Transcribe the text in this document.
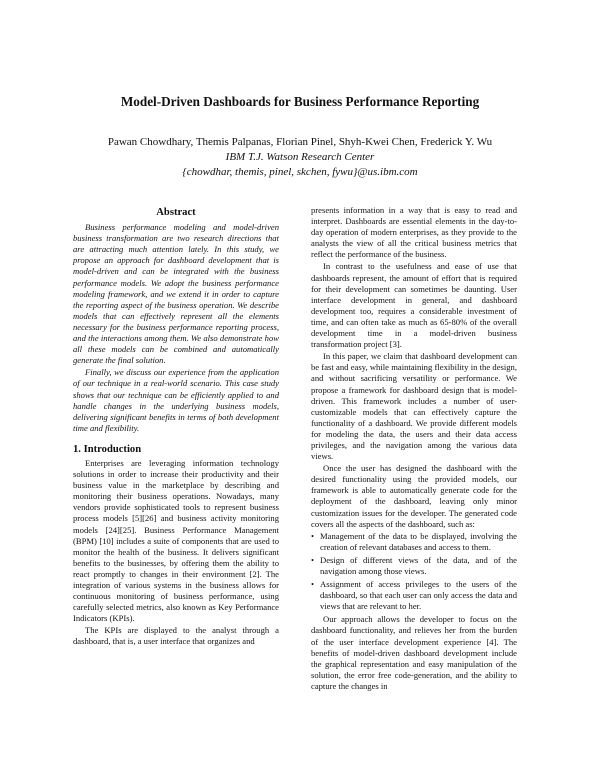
Model-Driven Dashboards for Business Performance Reporting
Pawan Chowdhary, Themis Palpanas, Florian Pinel, Shyh-Kwei Chen, Frederick Y. Wu
IBM T.J. Watson Research Center
{chowdhar, themis, pinel, skchen, fywu}@us.ibm.com
Abstract

Business performance modeling and model-driven business transformation are two research directions that are attracting much attention lately. In this study, we propose an approach for dashboard development that is model-driven and can be integrated with the business performance models. We adopt the business performance modeling framework, and we extend it in order to capture the reporting aspect of the business operation. We describe models that can effectively represent all the elements necessary for the business performance reporting process, and the interactions among them. We also demonstrate how all these models can be combined and automatically generate the final solution.

Finally, we discuss our experience from the application of our technique in a real-world scenario. This case study shows that our technique can be efficiently applied to and handle changes in the underlying business models, delivering significant benefits in terms of both development time and flexibility.

1. Introduction

Enterprises are leveraging information technology solutions in order to increase their productivity and their business value in the marketplace by describing and monitoring their business operations. Nowadays, many vendors provide sophisticated tools to represent business process models [5][26] and business activity monitoring models [24][25]. Business Performance Management (BPM) [10] includes a suite of components that are used to monitor the health of the business. It delivers significant benefits to the businesses, by offering them the ability to react promptly to changes in their environment [2]. The integration of various systems in the business allows for continuous monitoring of business performance, using carefully selected metrics, also known as Key Performance Indicators (KPIs).

The KPIs are displayed to the analyst through a dashboard, that is, a user interface that organizes and

presents information in a way that is easy to read and interpret. Dashboards are essential elements in the day-to-day operation of modern enterprises, as they provide to the analysts the view of all the critical business metrics that reflect the performance of the business.

In contrast to the usefulness and ease of use that dashboards represent, the amount of effort that is required for their development can sometimes be daunting. User interface development in general, and dashboard development too, requires a considerable investment of time, and can often take as much as 65-80% of the overall development time in a model-driven business transformation project [3].

In this paper, we claim that dashboard development can be fast and easy, while maintaining flexibility in the design, and without sacrificing versatility or performance. We propose a framework for dashboard design that is model-driven. This framework includes a number of user-customizable models that can effectively capture the functionality of a dashboard. We provide different models for modeling the data, the users and their data access privileges, and the navigation among the various data views.

Once the user has designed the dashboard with the desired functionality using the provided models, our framework is able to automatically generate code for the deployment of the dashboard, leaving only minor customization issues for the developer. The generated code covers all the aspects of the dashboard, such as:

• Management of the data to be displayed, involving the creation of relevant databases and access to them.
• Design of different views of the data, and of the navigation among those views.
• Assignment of access privileges to the users of the dashboard, so that each user can only access the data and views that are relevant to her.

Our approach allows the developer to focus on the dashboard functionality, and relieves her from the burden of the user interface development experience [4]. The benefits of model-driven dashboard development include the graphical representation and easy manipulation of the solution, the error free code-generation, and the ability to capture the changes in
